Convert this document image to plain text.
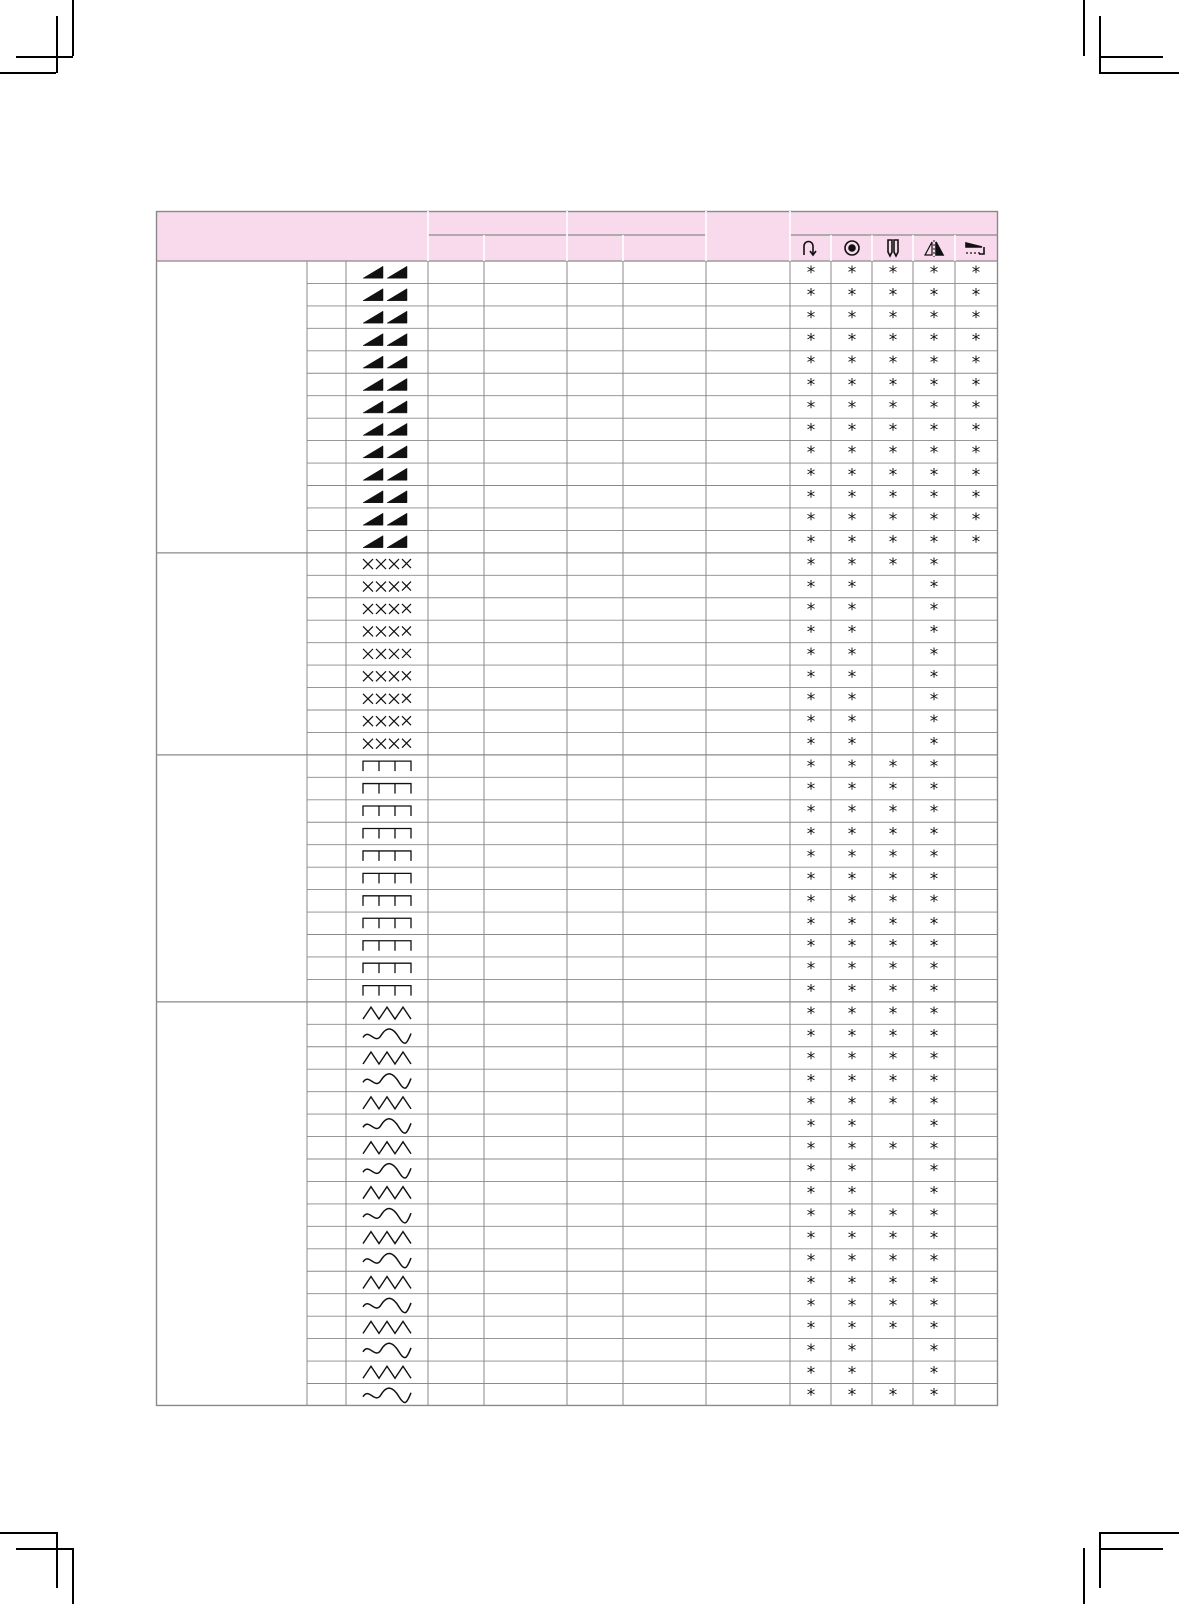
* * * * *
* * * * *
* * * * *
* * * * *
* * * * *
* * * * *
* * * * *
* * * * *
* * * * *
* * * * *
* * * * *
* * * * *
* * * * *
* * * *
* *	*
* *	*
* *	*
* *	*
* *	*
* *	*
* *	*
* *	*
* * * *
* * * *
* * * *
* * * *
* * * *
* * * *
* * * *
* * * *
* * * *
* * * *
* * * *
* * * *
* * * *
* * * *
* * * *
* * * *
* *	*
* * * *
* *	*
* *	*
* * * *
* * * *
* * * *
* * * *
* * * *
* * * *
* *	*
* *	*
* * * *
